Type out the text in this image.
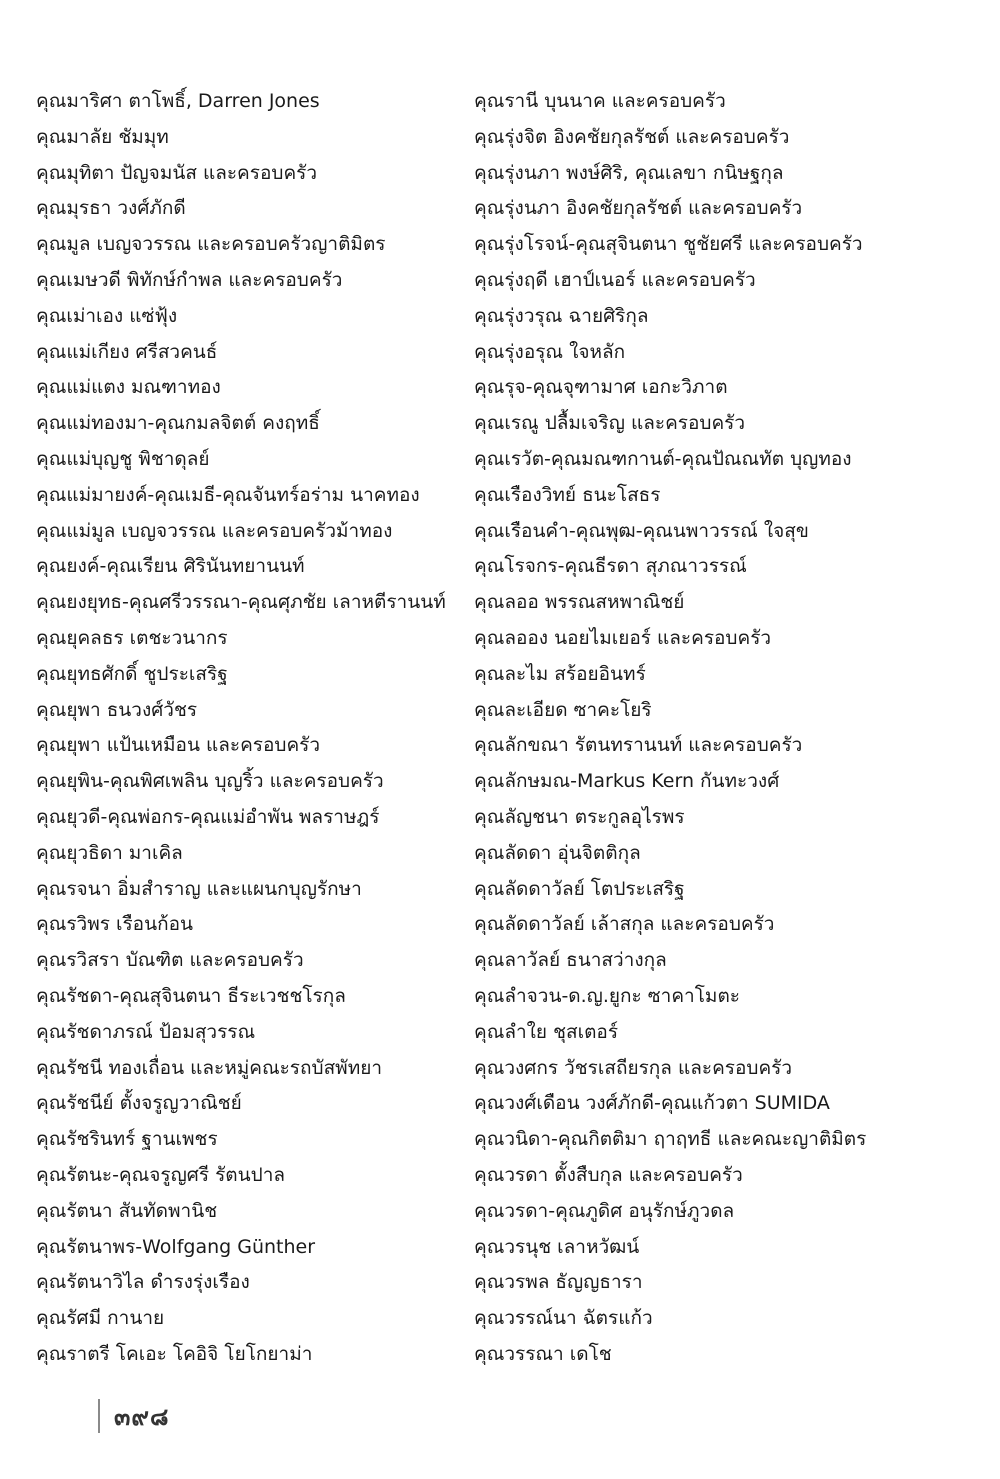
คุณมาริศา ตาโพธิ์, Darren Jones
คุณมาลัย ชัมมุท
คุณมุทิตา ปัญจมนัส และครอบครัว
คุณมุรธา วงศ์ภักดี
คุณมูล เบญจวรรณ และครอบครัวญาติมิตร
คุณเมษวดี พิทักษ์กำพล และครอบครัว
คุณเม่าเอง แซ่ฟุ้ง
คุณแม่เกียง ศรีสวคนธ์
คุณแม่แตง มณฑาทอง
คุณแม่ทองมา-คุณกมลจิตต์ คงฤทธิ์
คุณแม่บุญชู พิชาดุลย์
คุณแม่มายงค์-คุณเมธี-คุณจันทร์อร่าม นาคทอง
คุณแม่มูล เบญจวรรณ และครอบครัวม้าทอง
คุณยงค์-คุณเรียน ศิรินันทยานนท์
คุณยงยุทธ-คุณศรีวรรณา-คุณศุภชัย เลาหตีรานนท์
คุณยุคลธร เตชะวนากร
คุณยุทธศักดิ์ ชูประเสริฐ
คุณยุพา ธนวงศ์วัชร
คุณยุพา แป้นเหมือน และครอบครัว
คุณยุพิน-คุณพิศเพลิน บุญริ้ว และครอบครัว
คุณยุวดี-คุณพ่อกร-คุณแม่อำพัน พลราษฎร์
คุณยุวธิดา มาเคิล
คุณรจนา อิ่มสำราญ และแผนกบุญรักษา
คุณรวิพร เรือนก้อน
คุณรวิสรา บัณฑิต และครอบครัว
คุณรัชดา-คุณสุจินตนา ธีระเวชชโรกุล
คุณรัชดาภรณ์ ป้อมสุวรรณ
คุณรัชนี ทองเถื่อน และหมู่คณะรถบัสพัทยา
คุณรัชนีย์ ตั้งจรูญวาณิชย์
คุณรัชรินทร์ ฐานเพชร
คุณรัตนะ-คุณจรูญศรี รัตนปาล
คุณรัตนา สันทัดพานิช
คุณรัตนาพร-Wolfgang Günther
คุณรัตนาวิไล ดำรงรุ่งเรือง
คุณรัศมี กานาย
คุณราตรี โคเอะ โคอิจิ โยโกยาม่า
คุณรานี บุนนาค และครอบครัว
คุณรุ่งจิต อิงคชัยกุลรัชต์ และครอบครัว
คุณรุ่งนภา พงษ์ศิริ, คุณเลขา กนิษฐกุล
คุณรุ่งนภา อิงคชัยกุลรัชต์ และครอบครัว
คุณรุ่งโรจน์-คุณสุจินตนา ชูชัยศรี และครอบครัว
คุณรุ่งฤดี เฮาป์เนอร์ และครอบครัว
คุณรุ่งวรุณ ฉายศิริกุล
คุณรุ่งอรุณ ใจหลัก
คุณรุจ-คุณจุฑามาศ เอกะวิภาต
คุณเรณู ปลื้มเจริญ และครอบครัว
คุณเรวัต-คุณมณฑกานต์-คุณปัณณทัต บุญทอง
คุณเรืองวิทย์ ธนะโสธร
คุณเรือนคำ-คุณพุฒ-คุณนพาวรรณ์ ใจสุข
คุณโรจกร-คุณธีรดา สุภณาวรรณ์
คุณลออ พรรณสหพาณิชย์
คุณลออง นอยไมเยอร์ และครอบครัว
คุณละไม สร้อยอินทร์
คุณละเอียด ซาคะโยริ
คุณลักขณา รัตนทรานนท์ และครอบครัว
คุณลักษมณ-Markus Kern กันทะวงศ์
คุณลัญชนา ตระกูลอุไรพร
คุณลัดดา อุ่นจิตติกุล
คุณลัดดาวัลย์ โตประเสริฐ
คุณลัดดาวัลย์ เล้าสกุล และครอบครัว
คุณลาวัลย์ ธนาสว่างกุล
คุณลำจวน-ด.ญ.ยูกะ ซาคาโมตะ
คุณลำใย ชุสเตอร์
คุณวงศกร วัชรเสถียรกุล และครอบครัว
คุณวงศ์เดือน วงศ์ภักดี-คุณแก้วตา SUMIDA
คุณวนิดา-คุณกิตติมา ฤาฤทธี และคณะญาติมิตร
คุณวรดา ตั้งสืบกุล และครอบครัว
คุณวรดา-คุณภูดิศ อนุรักษ์ภูวดล
คุณวรนุช เลาหวัฒน์
คุณวรพล ธัญญธารา
คุณวรรณ์นา ฉัตรแก้ว
คุณวรรณา เดโช
๓๙๘
